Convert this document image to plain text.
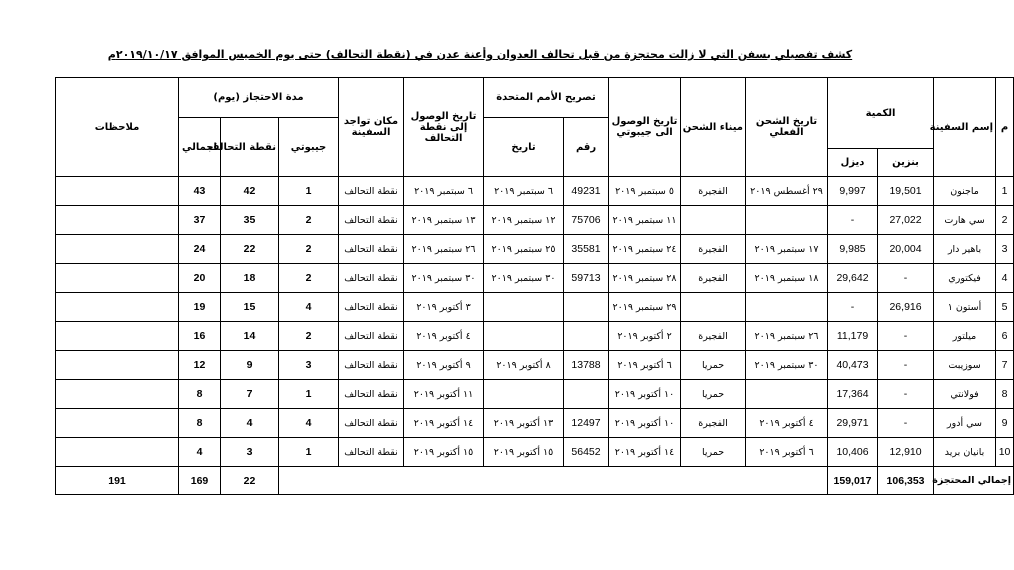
كشف تفصيلي بسفن التي لا زالت محتجزة من قبل تحالف العدوان وأعنة عدن في (نقطة التحالف) حتى يوم الخميس الموافق ٢٠١٩/١٠/١٧م
م	إسم السفينة	الكمية		تاريخ الشحن الفعلي	ميناء الشحن	تاريخ الوصول الى جيبوتي	تصريح الأمم المتحدة		تاريخ الوصول إلى نقطة التحالف	مكان تواجد السفينة	مدة الاحتجاز (يوم)			ملاحظات	
							رقم	تاريخ			جيبوتي	نقطة التحالف	اجمالي		
		بنزين	ديزل												
1	ماجنون	19,501	9,997	٢٩ أغسطس ٢٠١٩	الفجيرة	٥ سبتمبر ٢٠١٩	49231	٦ سبتمبر ٢٠١٩	٦ سبتمبر ٢٠١٩	نقطة التحالف	1	42	43		
2	سي هارت	27,022	-			١١ سبتمبر ٢٠١٩	75706	١٢ سبتمبر ٢٠١٩	١٣ سبتمبر ٢٠١٩	نقطة التحالف	2	35	37		
3	باهير دار	20,004	9,985	١٧ سبتمبر ٢٠١٩	الفجيرة	٢٤ سبتمبر ٢٠١٩	35581	٢٥ سبتمبر ٢٠١٩	٢٦ سبتمبر ٢٠١٩	نقطة التحالف	2	22	24		
4	فيكتوري	-	29,642	١٨ سبتمبر ٢٠١٩	الفجيرة	٢٨ سبتمبر ٢٠١٩	59713	٣٠ سبتمبر ٢٠١٩	٣٠ سبتمبر ٢٠١٩	نقطة التحالف	2	18	20		
5	أستون ١	26,916	-			٢٩ سبتمبر ٢٠١٩			٣ أكتوبر ٢٠١٩	نقطة التحالف	4	15	19		
6	ميلتور	-	11,179	٢٦ سبتمبر ٢٠١٩	الفجيرة	٢ أكتوبر ٢٠١٩			٤ أكتوبر ٢٠١٩	نقطة التحالف	2	14	16		
7	سوزيبت	-	40,473	٣٠ سبتمبر ٢٠١٩	حمريا	٦ أكتوبر ٢٠١٩	13788	٨ أكتوبر ٢٠١٩	٩ أكتوبر ٢٠١٩	نقطة التحالف	3	9	12		
8	فولانتي	-	17,364		حمريا	١٠ أكتوبر ٢٠١٩			١١ أكتوبر ٢٠١٩	نقطة التحالف	1	7	8		
9	سي أدور	-	29,971	٤ أكتوبر ٢٠١٩	الفجيرة	١٠ أكتوبر ٢٠١٩	12497	١٣ أكتوبر ٢٠١٩	١٤ أكتوبر ٢٠١٩	نقطة التحالف	4	4	8		
10	بانيان بريد	12,910	10,406	٦ أكتوبر ٢٠١٩	حمريا	١٤ أكتوبر ٢٠١٩	56452	١٥ أكتوبر ٢٠١٩	١٥ أكتوبر ٢٠١٩	نقطة التحالف	1	3	4		
إجمالي المحتجزة		106,353	159,017									22	169	191	
